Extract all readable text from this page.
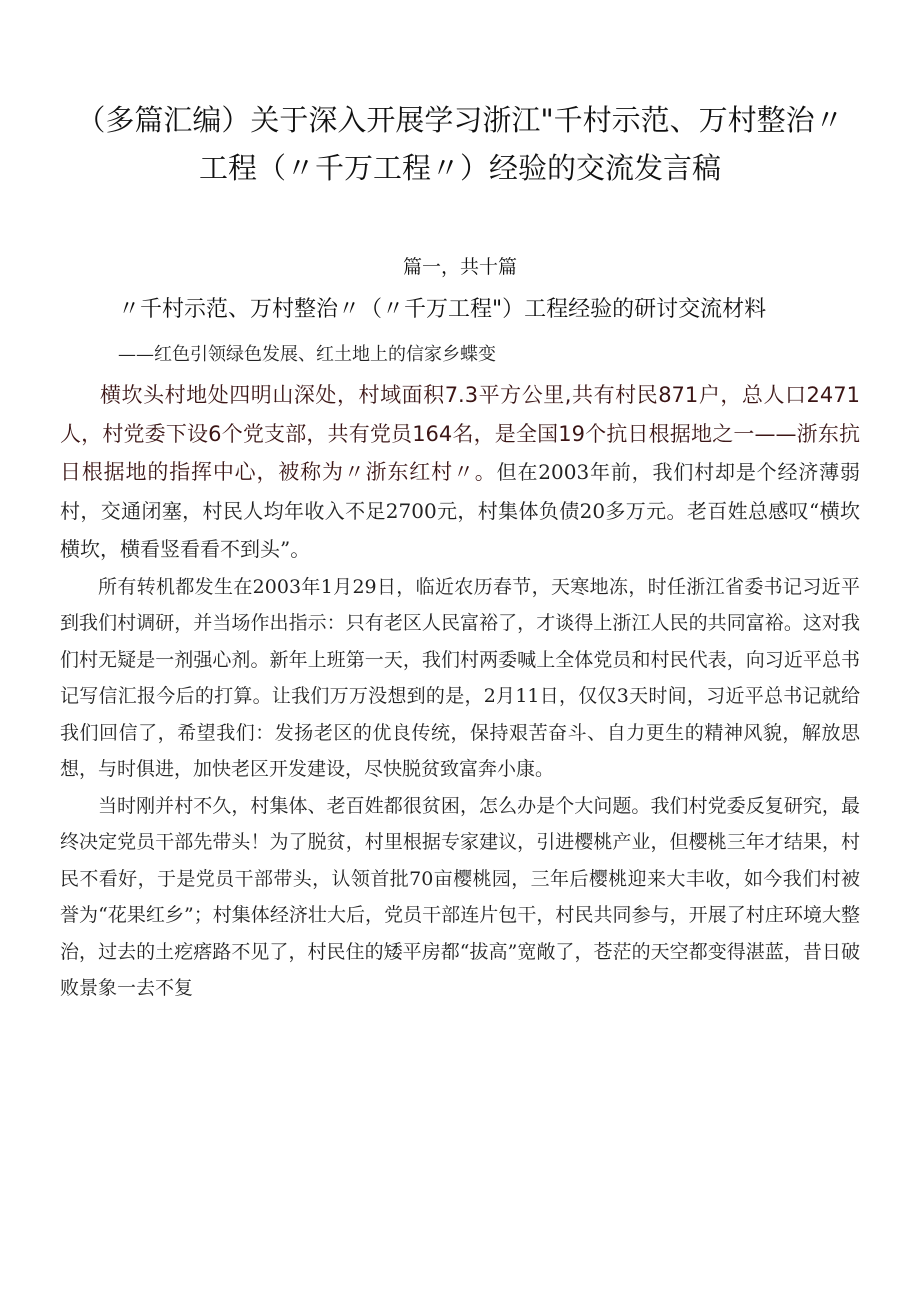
（多篇汇编）关于深入开展学习浙江"千村示范、万村整治〃工程（〃千万工程〃）经验的交流发言稿
篇一，共十篇
〃千村示范、万村整治〃（〃千万工程"）工程经验的研讨交流材料
——红色引领绿色发展、红土地上的信家乡蝶变

横坎头村地处四明山深处，村域面积7.3平方公里,共有村民871户，总人口2471人，村党委下设6个党支部，共有党员164名，是全国19个抗日根据地之一——浙东抗日根据地的指挥中心，被称为〃浙东红村〃。但在2003年前，我们村却是个经济薄弱村，交通闭塞，村民人均年收入不足2700元，村集体负债20多万元。老百姓总感叹“横坎横坎，横看竖看看不到头”。

所有转机都发生在2003年1月29日，临近农历春节，天寒地冻，时任浙江省委书记习近平到我们村调研，并当场作出指示：只有老区人民富裕了，才谈得上浙江人民的共同富裕。这对我们村无疑是一剂强心剂。新年上班第一天，我们村两委喊上全体党员和村民代表，向习近平总书记写信汇报今后的打算。让我们万万没想到的是，2月11日，仅仅3天时间，习近平总书记就给我们回信了，希望我们：发扬老区的优良传统，保持艰苦奋斗、自力更生的精神风貌，解放思想，与时俱进，加快老区开发建设，尽快脱贫致富奔小康。

当时刚并村不久，村集体、老百姓都很贫困，怎么办是个大问题。我们村党委反复研究，最终决定党员干部先带头！为了脱贫，村里根据专家建议，引进樱桃产业，但樱桃三年才结果，村民不看好，于是党员干部带头，认领首批70亩樱桃园，三年后樱桃迎来大丰收，如今我们村被誉为“花果红乡”；村集体经济壮大后，党员干部连片包干，村民共同参与，开展了村庄环境大整治，过去的土疙瘩路不见了，村民住的矮平房都“拔高”宽敞了，苍茫的天空都变得湛蓝，昔日破败景象一去不复
